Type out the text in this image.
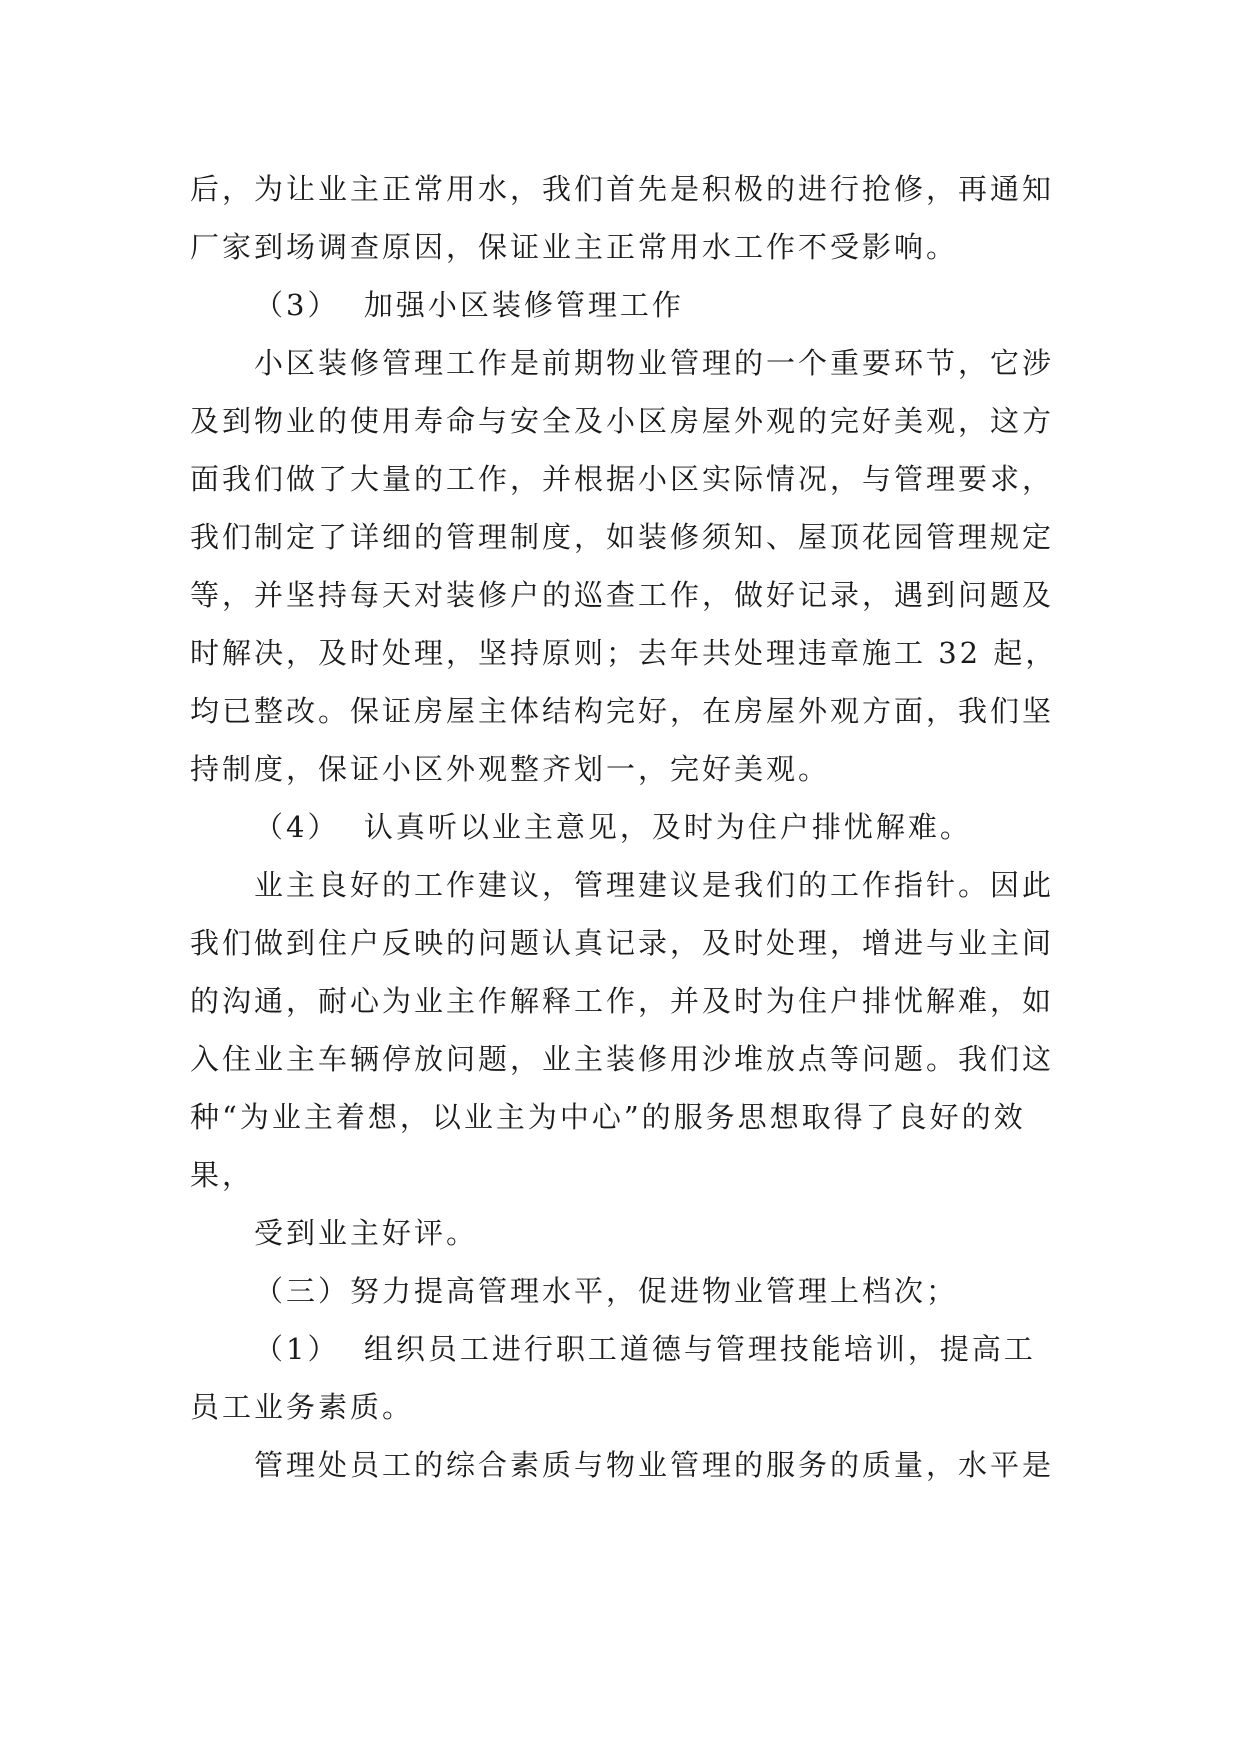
后，为让业主正常用水，我们首先是积极的进行抢修，再通知厂家到场调查原因，保证业主正常用水工作不受影响。

（3）  加强小区装修管理工作

小区装修管理工作是前期物业管理的一个重要环节，它涉及到物业的使用寿命与安全及小区房屋外观的完好美观，这方面我们做了大量的工作，并根据小区实际情况，与管理要求，我们制定了详细的管理制度，如装修须知、屋顶花园管理规定等，并坚持每天对装修户的巡查工作，做好记录，遇到问题及时解决，及时处理，坚持原则；去年共处理违章施工 32 起，均已整改。保证房屋主体结构完好，在房屋外观方面，我们坚持制度，保证小区外观整齐划一，完好美观。

（4）  认真听以业主意见，及时为住户排忧解难。

业主良好的工作建议，管理建议是我们的工作指针。因此我们做到住户反映的问题认真记录，及时处理，增进与业主间的沟通，耐心为业主作解释工作，并及时为住户排忧解难，如入住业主车辆停放问题，业主装修用沙堆放点等问题。我们这种“为业主着想，以业主为中心”的服务思想取得了良好的效果，

受到业主好评。

（三）努力提高管理水平，促进物业管理上档次；

（1）  组织员工进行职工道德与管理技能培训，提高工员工业务素质。

管理处员工的综合素质与物业管理的服务的质量，水平是
